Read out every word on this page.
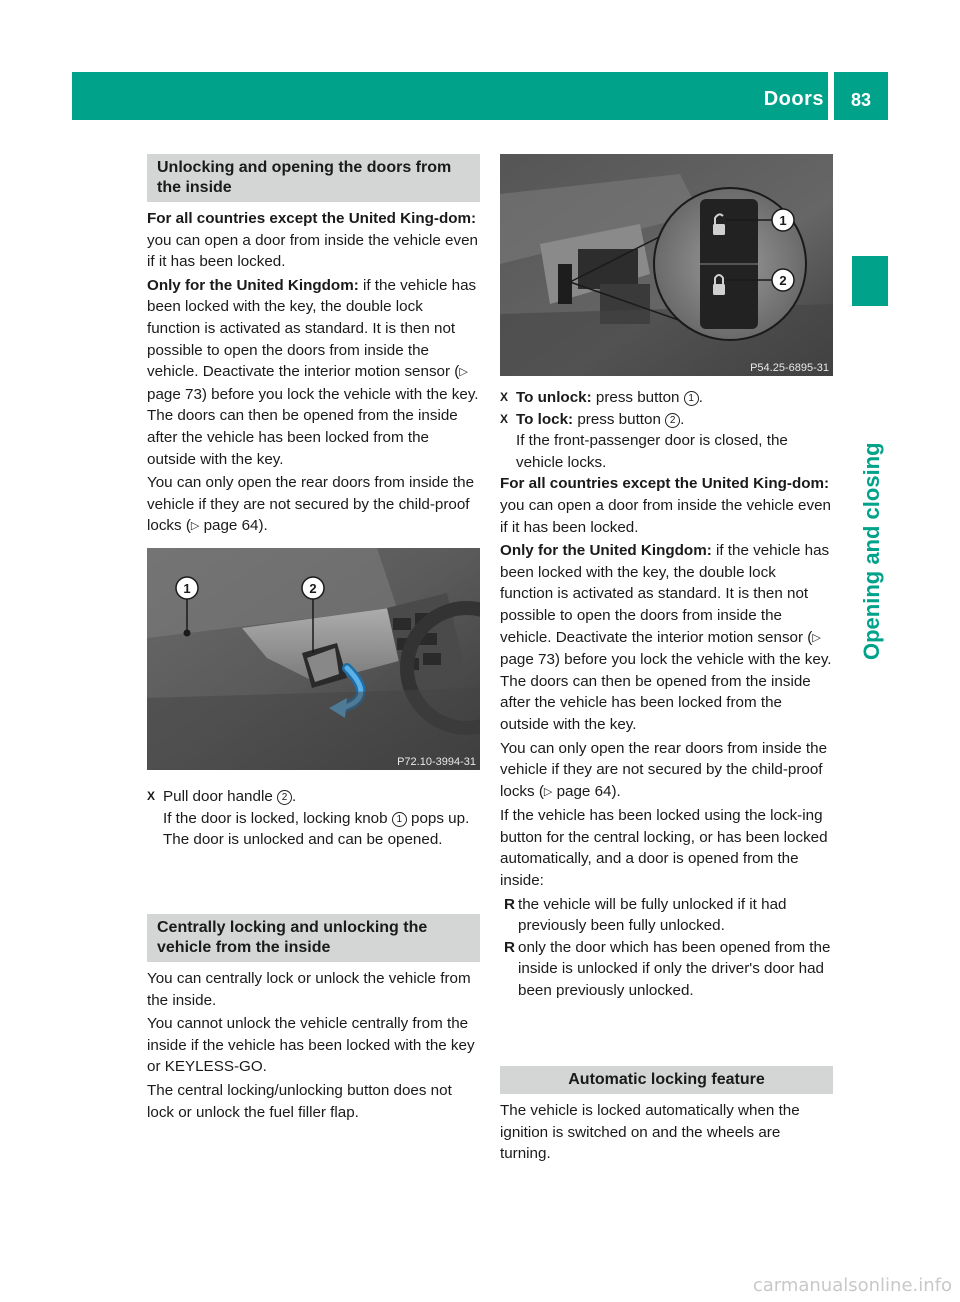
Doors	83
Opening and closing
Unlocking and opening the doors from the inside

For all countries except the United King-dom: you can open a door from inside the vehicle even if it has been locked.

Only for the United Kingdom: if the vehicle has been locked with the key, the double lock function is activated as standard. It is then not possible to open the doors from inside the vehicle. Deactivate the interior motion sensor (▷ page 73) before you lock the vehicle with the key. The doors can then be opened from the inside after the vehicle has been locked from the outside with the key.

You can only open the rear doors from inside the vehicle if they are not secured by the child-proof locks (▷ page 64).

1	2
P72.10-3994-31
X Pull door handle 2 .
If the door is locked, locking knob 1 pops up. The door is unlocked and can be opened.
Centrally locking and unlocking the vehicle from the inside

You can centrally lock or unlock the vehicle from the inside.

You cannot unlock the vehicle centrally from the inside if the vehicle has been locked with the key or KEYLESS-GO.

The central locking/unlocking button does not lock or unlock the fuel filler flap.

1
2
P54.25-6895-31
X To unlock: press button 1 .
X To lock: press button 2 .
If the front-passenger door is closed, the vehicle locks.

For all countries except the United King-dom: you can open a door from inside the vehicle even if it has been locked.

Only for the United Kingdom: if the vehicle has been locked with the key, the double lock function is activated as standard. It is then not possible to open the doors from inside the vehicle. Deactivate the interior motion sensor (▷ page 73) before you lock the vehicle with the key. The doors can then be opened from the inside after the vehicle has been locked from the outside with the key.

You can only open the rear doors from inside the vehicle if they are not secured by the child-proof locks (▷ page 64).

If the vehicle has been locked using the lock-ing button for the central locking, or has been locked automatically, and a door is opened from the inside:

R the vehicle will be fully unlocked if it had previously been fully unlocked.
R only the door which has been opened from the inside is unlocked if only the driver's door had been previously unlocked.
Automatic locking feature

The vehicle is locked automatically when the ignition is switched on and the wheels are turning.

carmanualsonline.info
